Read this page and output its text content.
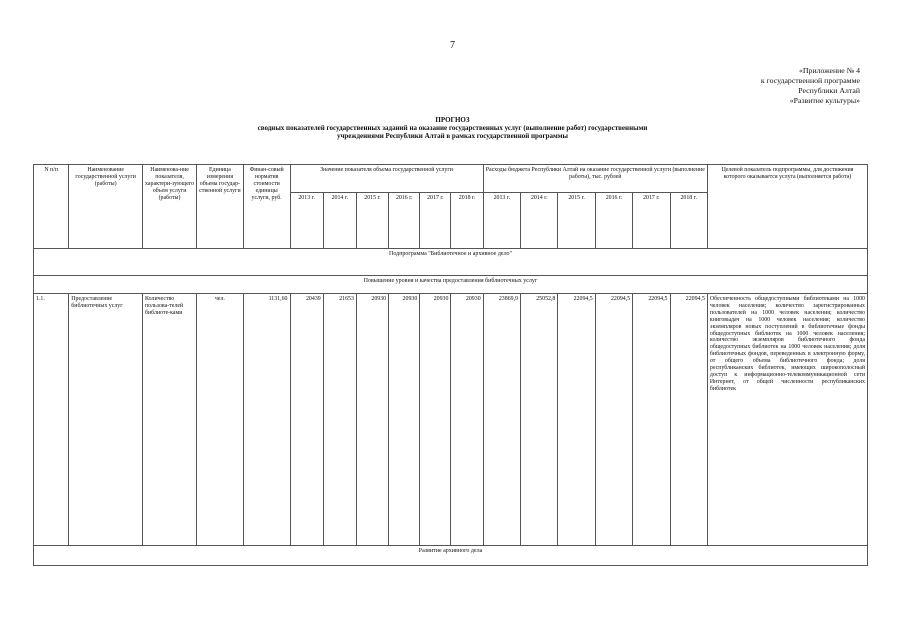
7
«Приложение № 4
к государственной программе
Республики Алтай
«Развитие культуры»
ПРОГНОЗ
сводных показателей государственных заданий на оказание государственных услуг (выполнение работ) государственными
учреждениями Республики Алтай в рамках государственной программы
N п/п	Наименование государственной услуги (работы)	Наименова-ние показателя, характери-зующего объем услуги (работы)	Единица измерения объема государ-ственной услуги	Финан-совый норматив стоимости единицы услуги, руб.	Значение показателя объема государственной услуги						Расходы бюджета Республики Алтай на оказание государственной услуги (выполнение работы), тыс. рублей						Целевой показатель подпрограммы, для достижения которого оказывается услуга (выполняется работа)
					2013 г.	2014 г.	2015 г.	2016 г.	2017 г.	2018 г.	2013 г.	2014 г.	2015 г.	2016 г.	2017 г.	2018 г.	
Подпрограмма "Библиотечное и архивное дело"																	
Повышение уровня и качества предоставления библиотечных услуг																	
1.1.	Предоставление библиотечных услуг	Количество пользова-телей библиоте-ками	чел.	1131,60	20439	21653	20930	20930	20930	20930	23869,9	25052,8	22094,5	22094,5	22094,5	22094,5	Обеспеченность общедоступными библиотеками на 1000 человек населения; количество зарегистрированных пользователей на 1000 человек населения; количество книговыдач на 1000 человек населения; количество экземпляров новых поступлений в библиотечные фонды общедоступных библиотек на 1000 человек населения; количество экземпляров библиотечного фонда общедоступных библиотек на 1000 человек населения; доля библиотечных фондов, переведенных в электронную форму, от общего объема библиотечного фонда; доля республиканских библиотек, имеющих широкополосный доступ к информационно-телекоммуникационной сети Интернет, от общей численности республиканских библиотек
Развитие архивного дела																	
